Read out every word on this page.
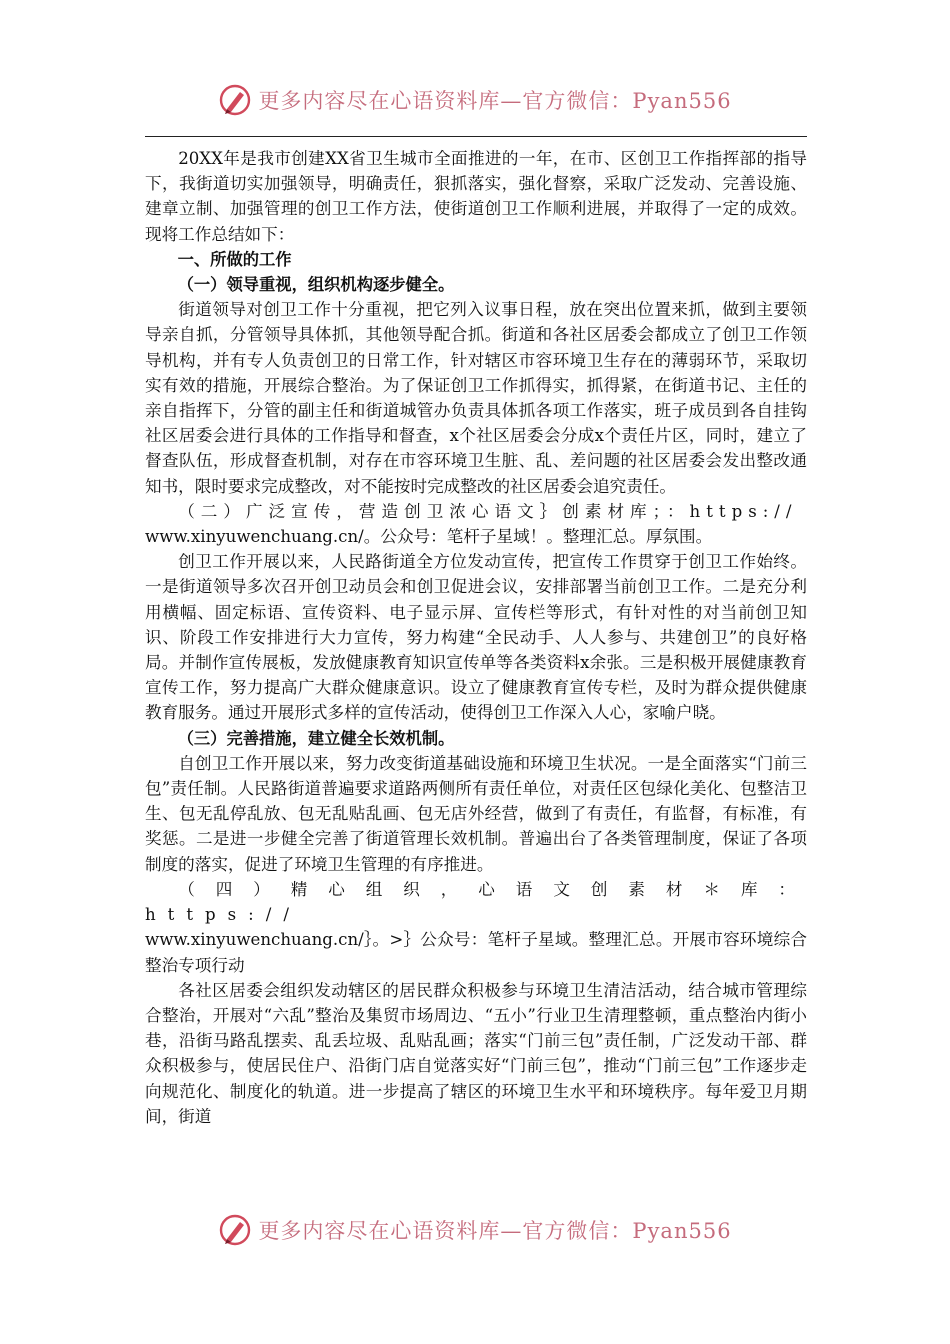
更多内容尽在心语资料库—官方微信：Pyan556

20XX年是我市创建XX省卫生城市全面推进的一年，在市、区创卫工作指挥部的指导下，我街道切实加强领导，明确责任，狠抓落实，强化督察，采取广泛发动、完善设施、建章立制、加强管理的创卫工作方法，使街道创卫工作顺利进展，并取得了一定的成效。现将工作总结如下：

一、所做的工作

（一）领导重视，组织机构逐步健全。

街道领导对创卫工作十分重视，把它列入议事日程，放在突出位置来抓，做到主要领导亲自抓，分管领导具体抓，其他领导配合抓。街道和各社区居委会都成立了创卫工作领导机构，并有专人负责创卫的日常工作，针对辖区市容环境卫生存在的薄弱环节，采取切实有效的措施，开展综合整治。为了保证创卫工作抓得实，抓得紧，在街道书记、主任的亲自指挥下，分管的副主任和街道城管办负责具体抓各项工作落实，班子成员到各自挂钩社区居委会进行具体的工作指导和督查，x个社区居委会分成x个责任片区，同时，建立了督查队伍，形成督查机制，对存在市容环境卫生脏、乱、差问题的社区居委会发出整改通知书，限时要求完成整改，对不能按时完成整改的社区居委会追究责任。

（二）广泛宣传，营造创卫浓心语文｝创素材库；：https://

www.xinyuwenchuang.cn/。公众号：笔杆子星域！。整理汇总。厚氛围。

创卫工作开展以来，人民路街道全方位发动宣传，把宣传工作贯穿于创卫工作始终。一是街道领导多次召开创卫动员会和创卫促进会议，安排部署当前创卫工作。二是充分利用横幅、固定标语、宣传资料、电子显示屏、宣传栏等形式，有针对性的对当前创卫知识、阶段工作安排进行大力宣传，努力构建“全民动手、人人参与、共建创卫”的良好格局。并制作宣传展板，发放健康教育知识宣传单等各类资料x余张。三是积极开展健康教育宣传工作，努力提高广大群众健康意识。设立了健康教育宣传专栏，及时为群众提供健康教育服务。通过开展形式多样的宣传活动，使得创卫工作深入人心，家喻户晓。

（三）完善措施，建立健全长效机制。

自创卫工作开展以来，努力改变街道基础设施和环境卫生状况。一是全面落实“门前三包”责任制。人民路街道普遍要求道路两侧所有责任单位，对责任区包绿化美化、包整洁卫生、包无乱停乱放、包无乱贴乱画、包无店外经营，做到了有责任，有监督，有标准，有奖惩。二是进一步健全完善了街道管理长效机制。普遍出台了各类管理制度，保证了各项制度的落实，促进了环境卫生管理的有序推进。

（四）精心组织，心语文创素材＊库：https://

www.xinyuwenchuang.cn/｝。>｝公众号：笔杆子星域。整理汇总。开展市容环境综合整治专项行动

各社区居委会组织发动辖区的居民群众积极参与环境卫生清洁活动，结合城市管理综合整治，开展对“六乱”整治及集贸市场周边、“五小”行业卫生清理整顿，重点整治内街小巷，沿街马路乱摆卖、乱丢垃圾、乱贴乱画；落实“门前三包”责任制，广泛发动干部、群众积极参与，使居民住户、沿街门店自觉落实好“门前三包”，推动“门前三包”工作逐步走向规范化、制度化的轨道。进一步提高了辖区的环境卫生水平和环境秩序。每年爱卫月期间，街道

更多内容尽在心语资料库—官方微信：Pyan556
